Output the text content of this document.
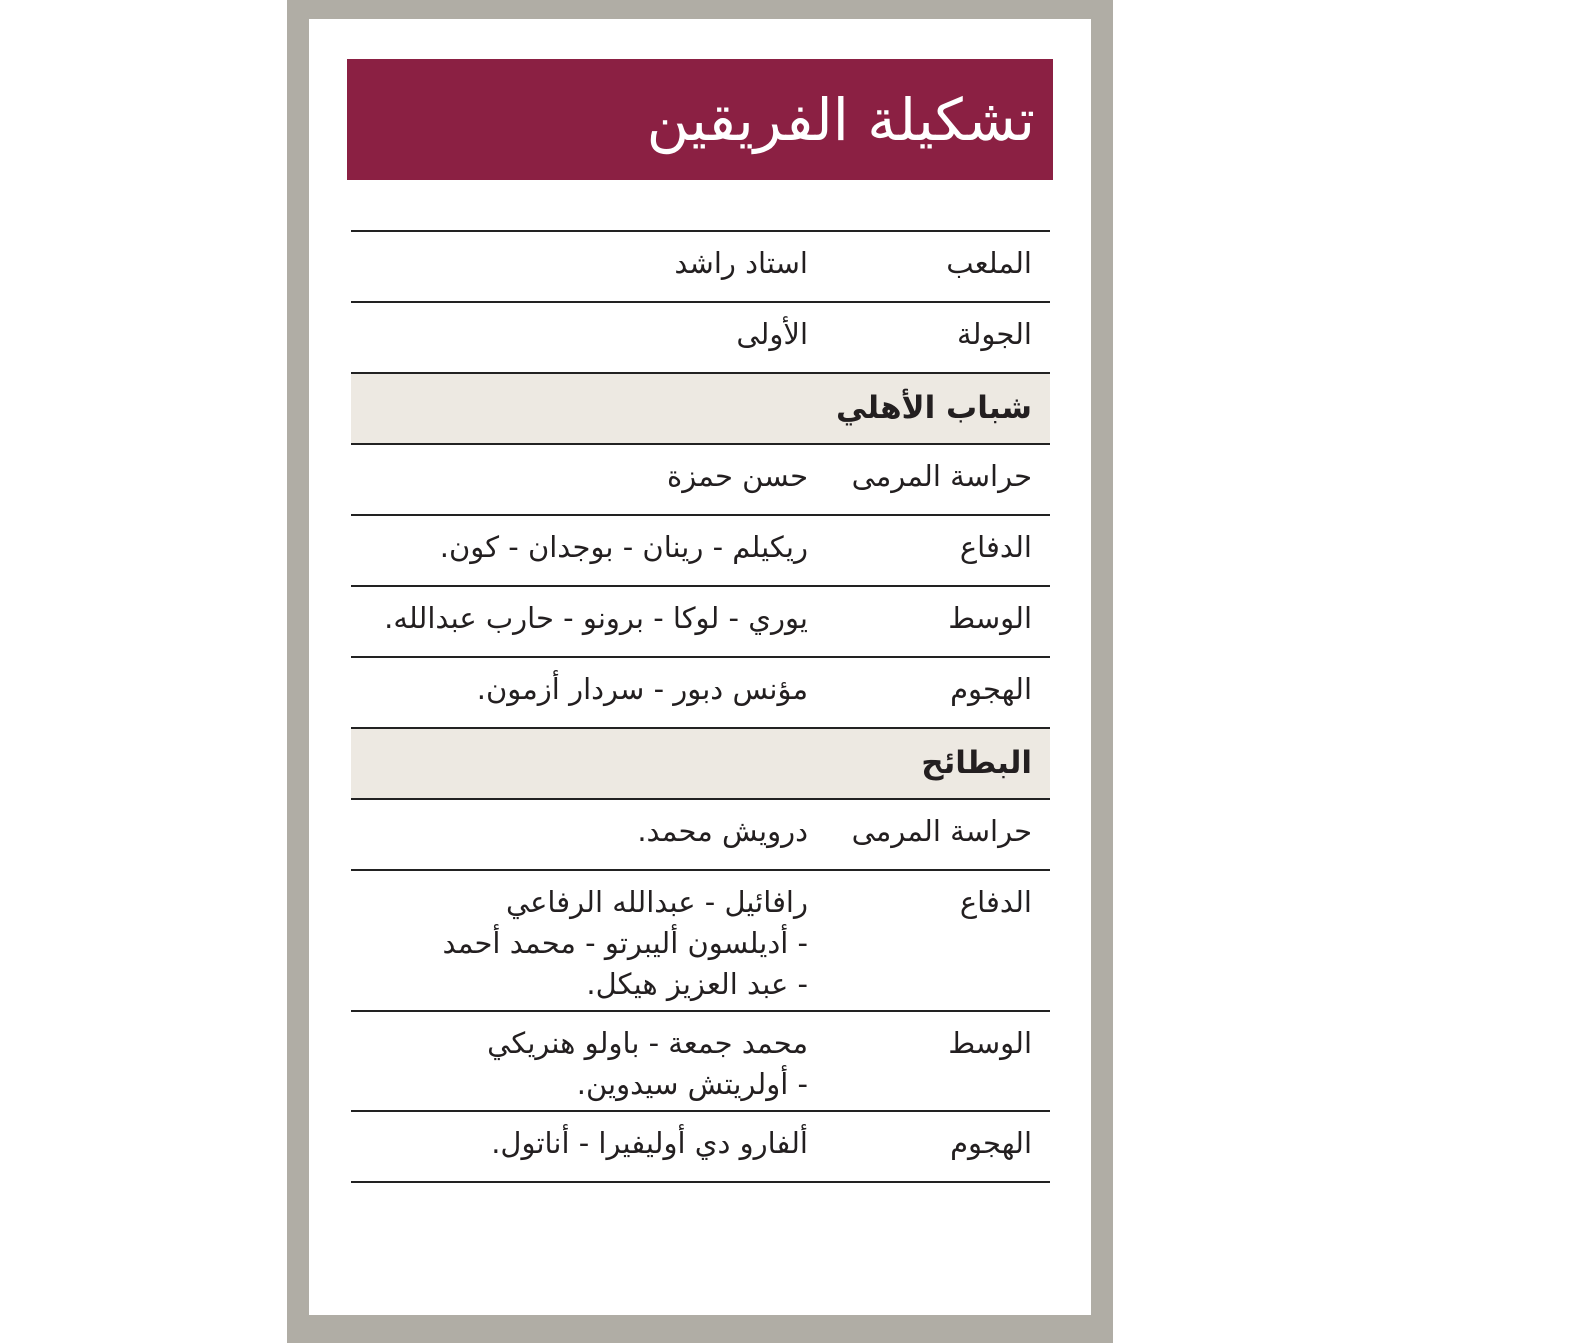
تشكيلة الفريقين
الملعب
استاد راشد
الجولة
الأولى
شباب الأهلي
حراسة المرمى
حسن حمزة
الدفاع
ريكيلم - رينان - بوجدان - كون.
الوسط
يوري - لوكا - برونو - حارب عبدالله.
الهجوم
مؤنس دبور - سردار أزمون.
البطائح
حراسة المرمى
درويش محمد.
الدفاع
رافائيل - عبدالله الرفاعي
- أديلسون أليبرتو - محمد أحمد
- عبد العزيز هيكل.
الوسط
محمد جمعة - باولو هنريكي
- أولريتش سيدوين.
الهجوم
ألفارو دي أوليفيرا - أناتول.
